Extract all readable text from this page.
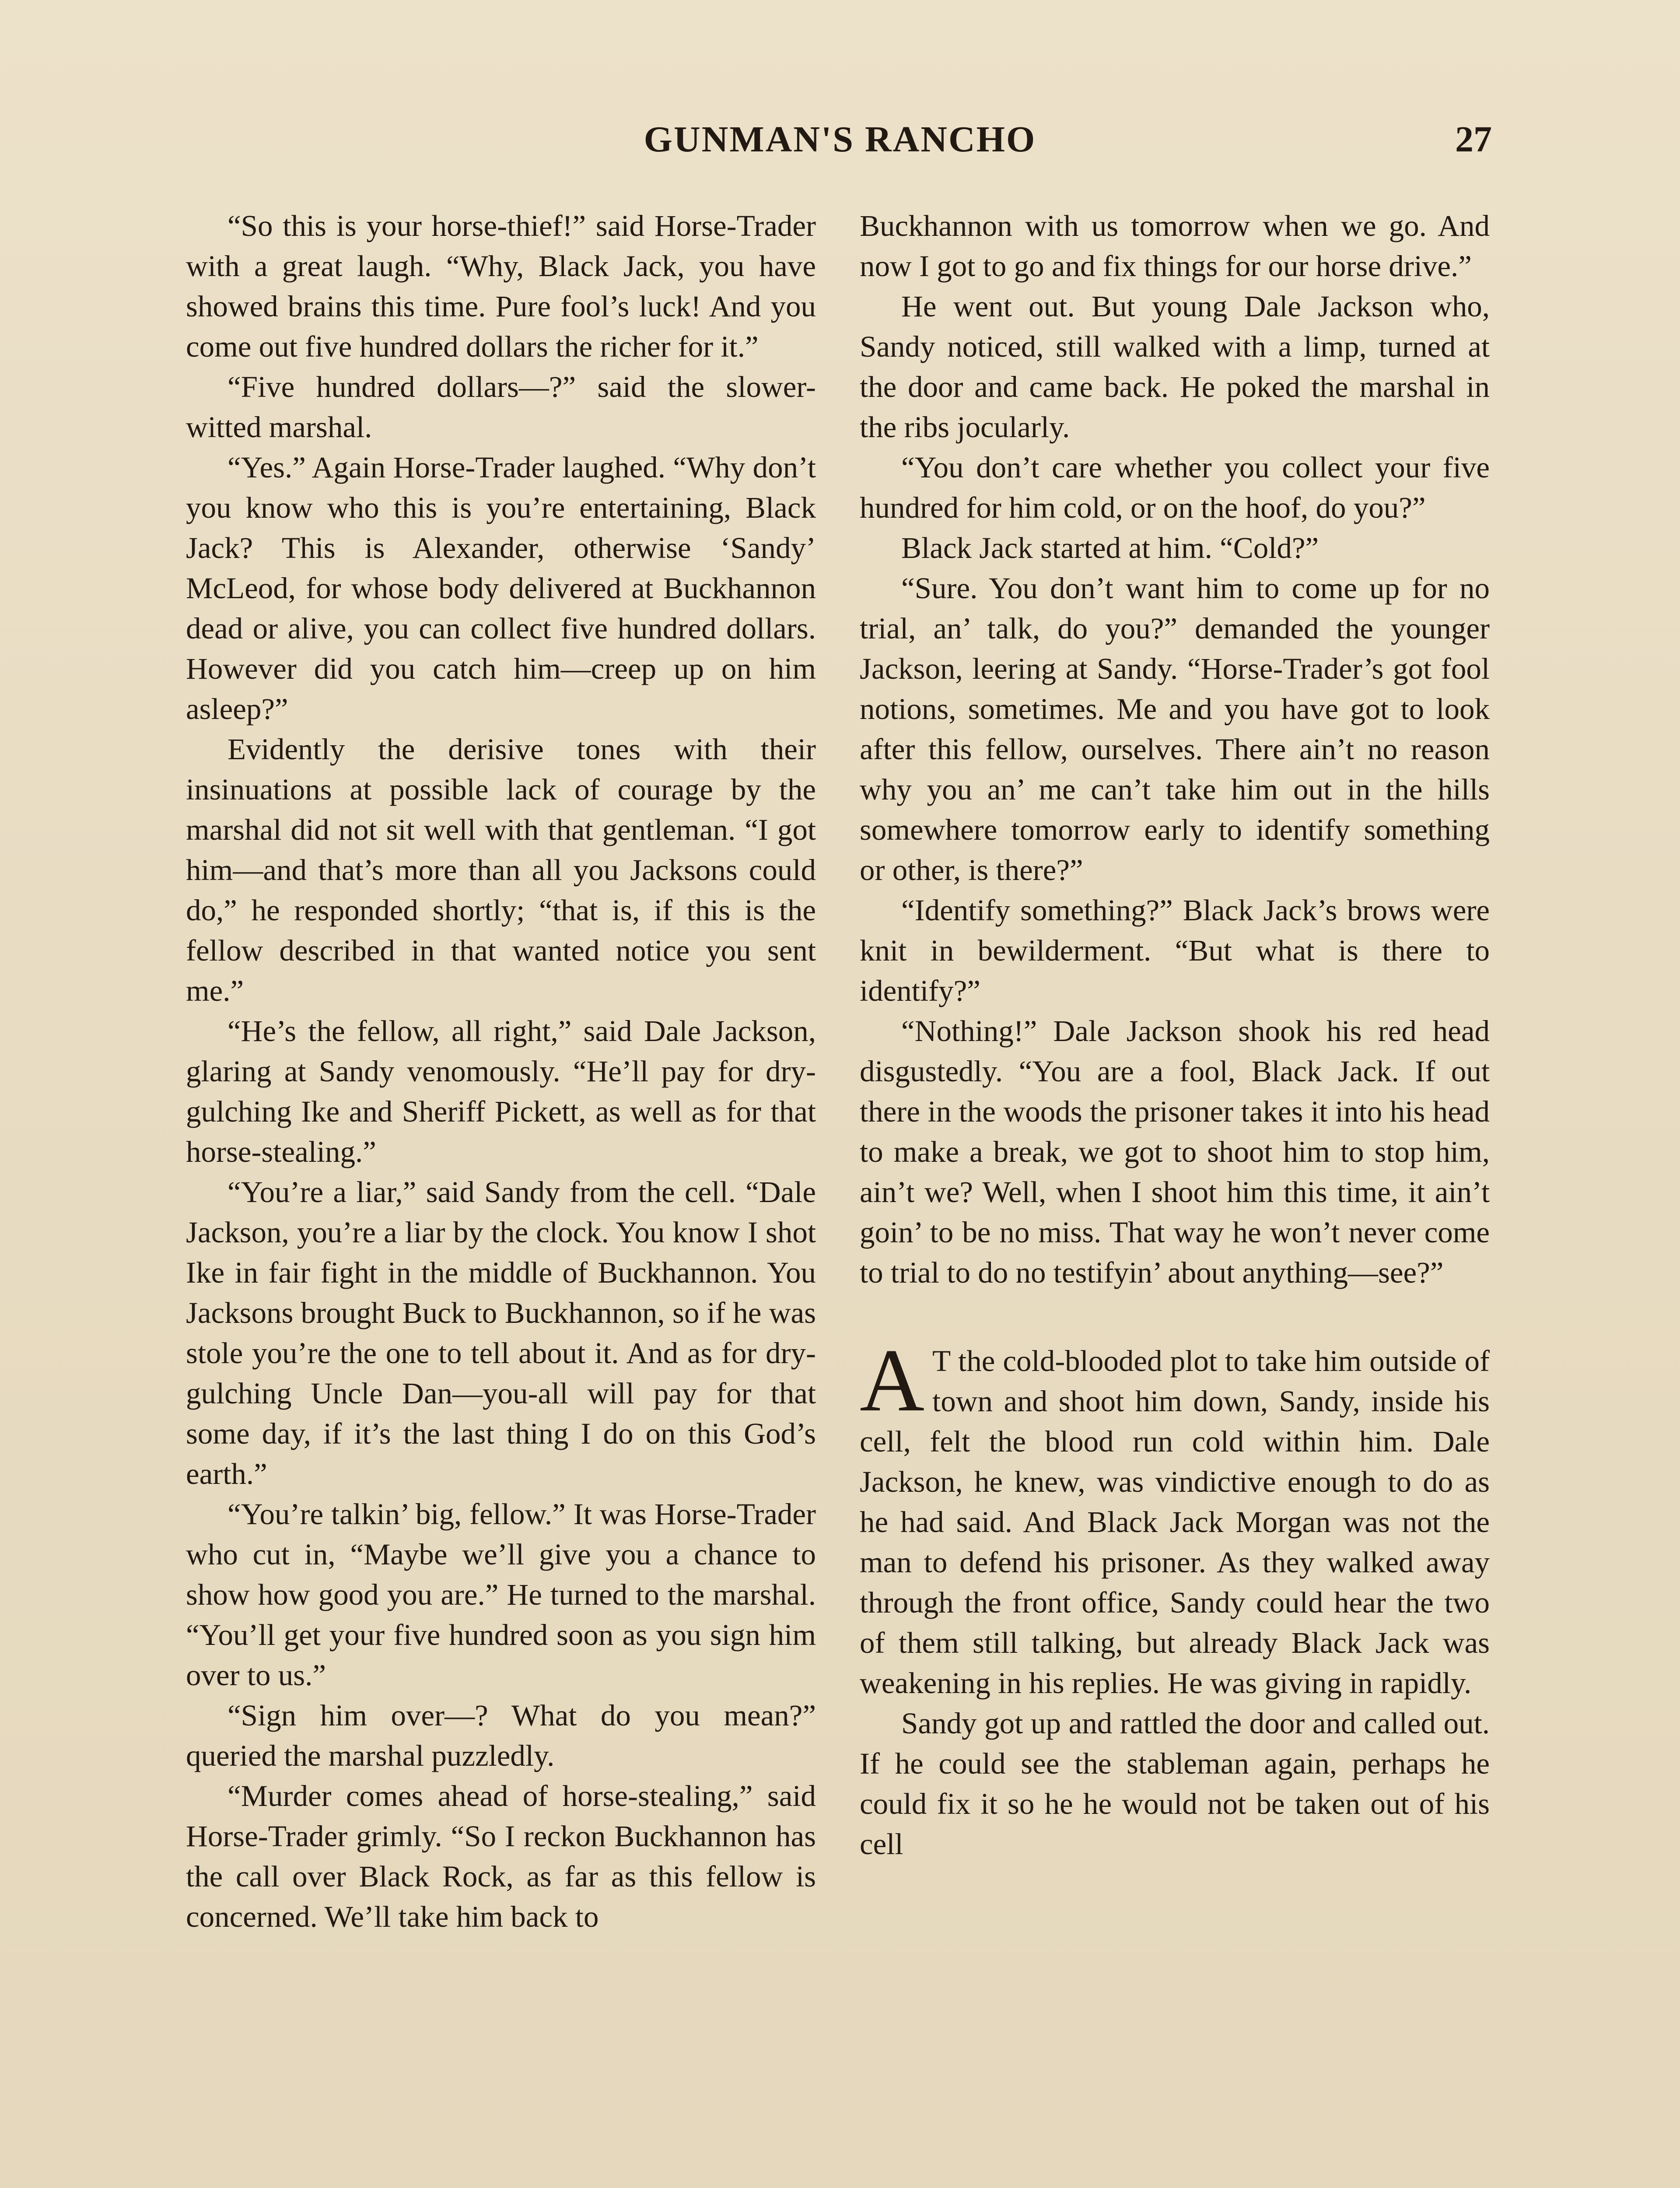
GUNMAN'S RANCHO	27

“So this is your horse-thief!” said Horse-Trader with a great laugh. “Why, Black Jack, you have showed brains this time. Pure fool’s luck! And you come out five hundred dollars the richer for it.”

“Five hundred dollars—?” said the slower-witted marshal.

“Yes.” Again Horse-Trader laughed. “Why don’t you know who this is you’re entertaining, Black Jack? This is Alexander, otherwise ‘Sandy’ McLeod, for whose body delivered at Buckhannon dead or alive, you can collect five hundred dollars. However did you catch him—creep up on him asleep?”

Evidently the derisive tones with their insinuations at possible lack of courage by the marshal did not sit well with that gentleman. “I got him—and that’s more than all you Jacksons could do,” he responded shortly; “that is, if this is the fellow described in that wanted notice you sent me.”

“He’s the fellow, all right,” said Dale Jackson, glaring at Sandy venomously. “He’ll pay for dry-gulching Ike and Sheriff Pickett, as well as for that horse-stealing.”

“You’re a liar,” said Sandy from the cell. “Dale Jackson, you’re a liar by the clock. You know I shot Ike in fair fight in the middle of Buckhannon. You Jacksons brought Buck to Buckhannon, so if he was stole you’re the one to tell about it. And as for dry-gulching Uncle Dan—you-all will pay for that some day, if it’s the last thing I do on this God’s earth.”

“You’re talkin’ big, fellow.” It was Horse-Trader who cut in, “Maybe we’ll give you a chance to show how good you are.” He turned to the marshal. “You’ll get your five hundred soon as you sign him over to us.”

“Sign him over—? What do you mean?” queried the marshal puzzledly.

“Murder comes ahead of horse-stealing,” said Horse-Trader grimly. “So I reckon Buckhannon has the call over Black Rock, as far as this fellow is concerned. We’ll take him back to

Buckhannon with us tomorrow when we go. And now I got to go and fix things for our horse drive.”

He went out. But young Dale Jackson who, Sandy noticed, still walked with a limp, turned at the door and came back. He poked the marshal in the ribs jocularly.

“You don’t care whether you collect your five hundred for him cold, or on the hoof, do you?”

Black Jack started at him. “Cold?”

“Sure. You don’t want him to come up for no trial, an’ talk, do you?” demanded the younger Jackson, leering at Sandy. “Horse-Trader’s got fool notions, sometimes. Me and you have got to look after this fellow, ourselves. There ain’t no reason why you an’ me can’t take him out in the hills somewhere tomorrow early to identify something or other, is there?”

“Identify something?” Black Jack’s brows were knit in bewilderment. “But what is there to identify?”

“Nothing!” Dale Jackson shook his red head disgustedly. “You are a fool, Black Jack. If out there in the woods the prisoner takes it into his head to make a break, we got to shoot him to stop him, ain’t we? Well, when I shoot him this time, it ain’t goin’ to be no miss. That way he won’t never come to trial to do no testifyin’ about anything—see?”

A T the cold-blooded plot to take him outside of town and shoot him down, Sandy, inside his cell, felt the blood run cold within him. Dale Jackson, he knew, was vindictive enough to do as he had said. And Black Jack Morgan was not the man to defend his prisoner. As they walked away through the front office, Sandy could hear the two of them still talking, but already Black Jack was weakening in his replies. He was giving in rapidly.

Sandy got up and rattled the door and called out. If he could see the stableman again, perhaps he could fix it so he he would not be taken out of his cell
